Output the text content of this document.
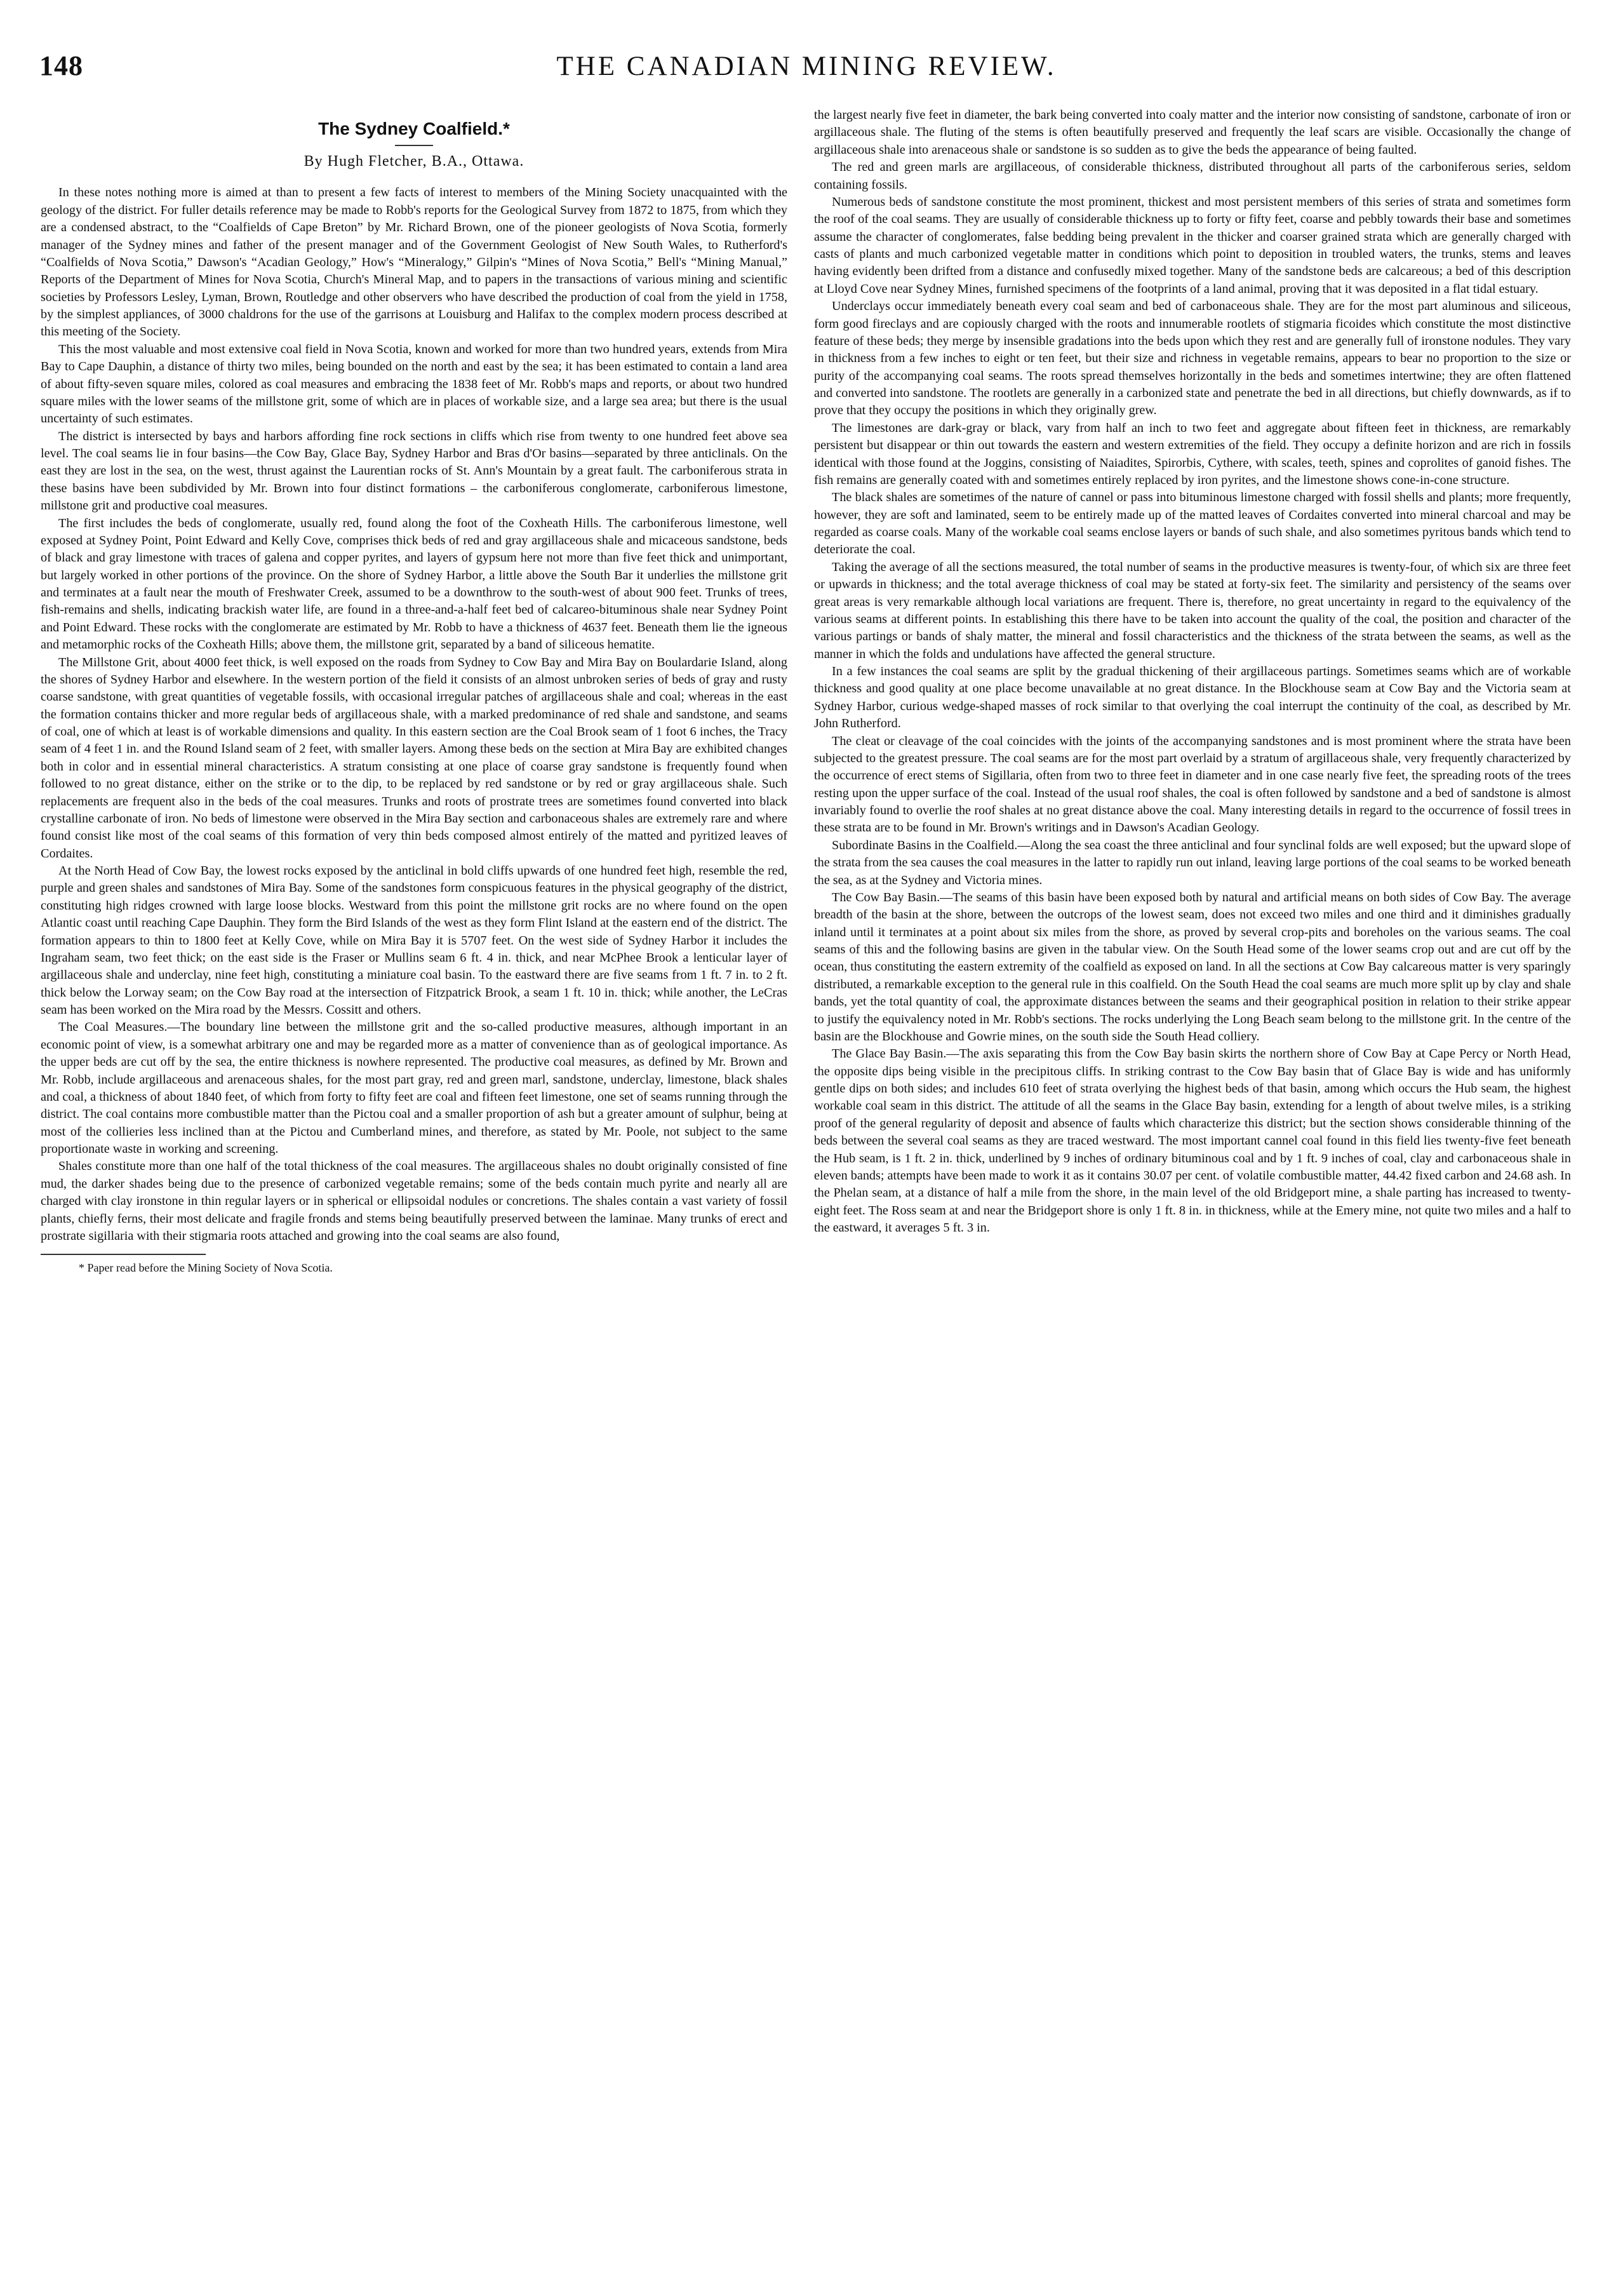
148	THE CANADIAN MINING REVIEW.
The Sydney Coalfield.*
By Hugh Fletcher, B.A., Ottawa.

In these notes nothing more is aimed at than to present a few facts of interest to members of the Mining Society unacquainted with the geology of the district. For fuller details reference may be made to Robb's reports for the Geological Survey from 1872 to 1875, from which they are a condensed abstract, to the “Coalfields of Cape Breton” by Mr. Richard Brown, one of the pioneer geologists of Nova Scotia, formerly manager of the Sydney mines and father of the present manager and of the Government Geologist of New South Wales, to Rutherford's “Coalfields of Nova Scotia,” Dawson's “Acadian Geology,” How's “Mineralogy,” Gilpin's “Mines of Nova Scotia,” Bell's “Mining Manual,” Reports of the Department of Mines for Nova Scotia, Church's Mineral Map, and to papers in the transactions of various mining and scientific societies by Professors Lesley, Lyman, Brown, Routledge and other observers who have described the production of coal from the yield in 1758, by the simplest appliances, of 3000 chaldrons for the use of the garrisons at Louisburg and Halifax to the complex modern process described at this meeting of the Society.

This the most valuable and most extensive coal field in Nova Scotia, known and worked for more than two hundred years, extends from Mira Bay to Cape Dauphin, a distance of thirty two miles, being bounded on the north and east by the sea; it has been estimated to contain a land area of about fifty-seven square miles, colored as coal measures and embracing the 1838 feet of Mr. Robb's maps and reports, or about two hundred square miles with the lower seams of the millstone grit, some of which are in places of workable size, and a large sea area; but there is the usual uncertainty of such estimates.

The district is intersected by bays and harbors affording fine rock sections in cliffs which rise from twenty to one hundred feet above sea level. The coal seams lie in four basins—the Cow Bay, Glace Bay, Sydney Harbor and Bras d'Or basins—separated by three anticlinals. On the east they are lost in the sea, on the west, thrust against the Laurentian rocks of St. Ann's Mountain by a great fault. The carboniferous strata in these basins have been subdivided by Mr. Brown into four distinct formations – the carboniferous conglomerate, carboniferous limestone, millstone grit and productive coal measures.

The first includes the beds of conglomerate, usually red, found along the foot of the Coxheath Hills. The carboniferous limestone, well exposed at Sydney Point, Point Edward and Kelly Cove, comprises thick beds of red and gray argillaceous shale and micaceous sandstone, beds of black and gray limestone with traces of galena and copper pyrites, and layers of gypsum here not more than five feet thick and unimportant, but largely worked in other portions of the province. On the shore of Sydney Harbor, a little above the South Bar it underlies the millstone grit and terminates at a fault near the mouth of Freshwater Creek, assumed to be a downthrow to the south-west of about 900 feet. Trunks of trees, fish-remains and shells, indicating brackish water life, are found in a three-and-a-half feet bed of calcareo-bituminous shale near Sydney Point and Point Edward. These rocks with the conglomerate are estimated by Mr. Robb to have a thickness of 4637 feet. Beneath them lie the igneous and metamorphic rocks of the Coxheath Hills; above them, the millstone grit, separated by a band of siliceous hematite.

The Millstone Grit, about 4000 feet thick, is well exposed on the roads from Sydney to Cow Bay and Mira Bay on Boulardarie Island, along the shores of Sydney Harbor and elsewhere. In the western portion of the field it consists of an almost unbroken series of beds of gray and rusty coarse sandstone, with great quantities of vegetable fossils, with occasional irregular patches of argillaceous shale and coal; whereas in the east the formation contains thicker and more regular beds of argillaceous shale, with a marked predominance of red shale and sandstone, and seams of coal, one of which at least is of workable dimensions and quality. In this eastern section are the Coal Brook seam of 1 foot 6 inches, the Tracy seam of 4 feet 1 in. and the Round Island seam of 2 feet, with smaller layers. Among these beds on the section at Mira Bay are exhibited changes both in color and in essential mineral characteristics. A stratum consisting at one place of coarse gray sandstone is frequently found when followed to no great distance, either on the strike or to the dip, to be replaced by red sandstone or by red or gray argillaceous shale. Such replacements are frequent also in the beds of the coal measures. Trunks and roots of prostrate trees are sometimes found converted into black crystalline carbonate of iron. No beds of limestone were observed in the Mira Bay section and carbonaceous shales are extremely rare and where found consist like most of the coal seams of this formation of very thin beds composed almost entirely of the matted and pyritized leaves of Cordaites.

At the North Head of Cow Bay, the lowest rocks exposed by the anticlinal in bold cliffs upwards of one hundred feet high, resemble the red, purple and green shales and sandstones of Mira Bay. Some of the sandstones form conspicuous features in the physical geography of the district, constituting high ridges crowned with large loose blocks. Westward from this point the millstone grit rocks are no where found on the open Atlantic coast until reaching Cape Dauphin. They form the Bird Islands of the west as they form Flint Island at the eastern end of the district. The formation appears to thin to 1800 feet at Kelly Cove, while on Mira Bay it is 5707 feet. On the west side of Sydney Harbor it includes the Ingraham seam, two feet thick; on the east side is the Fraser or Mullins seam 6 ft. 4 in. thick, and near McPhee Brook a lenticular layer of argillaceous shale and underclay, nine feet high, constituting a miniature coal basin. To the eastward there are five seams from 1 ft. 7 in. to 2 ft. thick below the Lorway seam; on the Cow Bay road at the intersection of Fitzpatrick Brook, a seam 1 ft. 10 in. thick; while another, the LeCras seam has been worked on the Mira road by the Messrs. Cossitt and others.

The Coal Measures.—The boundary line between the millstone grit and the so-called productive measures, although important in an economic point of view, is a somewhat arbitrary one and may be regarded more as a matter of convenience than as of geological importance. As the upper beds are cut off by the sea, the entire thickness is nowhere represented. The productive coal measures, as defined by Mr. Brown and Mr. Robb, include argillaceous and arenaceous shales, for the most part gray, red and green marl, sandstone, underclay, limestone, black shales and coal, a thickness of about 1840 feet, of which from forty to fifty feet are coal and fifteen feet limestone, one set of seams running through the district. The coal contains more combustible matter than the Pictou coal and a smaller proportion of ash but a greater amount of sulphur, being at most of the collieries less inclined than at the Pictou and Cumberland mines, and therefore, as stated by Mr. Poole, not subject to the same proportionate waste in working and screening.

Shales constitute more than one half of the total thickness of the coal measures. The argillaceous shales no doubt originally consisted of fine mud, the darker shades being due to the presence of carbonized vegetable remains; some of the beds contain much pyrite and nearly all are charged with clay ironstone in thin regular layers or in spherical or ellipsoidal nodules or concretions. The shales contain a vast variety of fossil plants, chiefly ferns, their most delicate and fragile fronds and stems being beautifully preserved between the laminae. Many trunks of erect and prostrate sigillaria with their stigmaria roots attached and growing into the coal seams are also found,

* Paper read before the Mining Society of Nova Scotia.

the largest nearly five feet in diameter, the bark being converted into coaly matter and the interior now consisting of sandstone, carbonate of iron or argillaceous shale. The fluting of the stems is often beautifully preserved and frequently the leaf scars are visible. Occasionally the change of argillaceous shale into arenaceous shale or sandstone is so sudden as to give the beds the appearance of being faulted.

The red and green marls are argillaceous, of considerable thickness, distributed throughout all parts of the carboniferous series, seldom containing fossils.

Numerous beds of sandstone constitute the most prominent, thickest and most persistent members of this series of strata and sometimes form the roof of the coal seams. They are usually of considerable thickness up to forty or fifty feet, coarse and pebbly towards their base and sometimes assume the character of conglomerates, false bedding being prevalent in the thicker and coarser grained strata which are generally charged with casts of plants and much carbonized vegetable matter in conditions which point to deposition in troubled waters, the trunks, stems and leaves having evidently been drifted from a distance and confusedly mixed together. Many of the sandstone beds are calcareous; a bed of this description at Lloyd Cove near Sydney Mines, furnished specimens of the footprints of a land animal, proving that it was deposited in a flat tidal estuary.

Underclays occur immediately beneath every coal seam and bed of carbonaceous shale. They are for the most part aluminous and siliceous, form good fireclays and are copiously charged with the roots and innumerable rootlets of stigmaria ficoides which constitute the most distinctive feature of these beds; they merge by insensible gradations into the beds upon which they rest and are generally full of ironstone nodules. They vary in thickness from a few inches to eight or ten feet, but their size and richness in vegetable remains, appears to bear no proportion to the size or purity of the accompanying coal seams. The roots spread themselves horizontally in the beds and sometimes intertwine; they are often flattened and converted into sandstone. The rootlets are generally in a carbonized state and penetrate the bed in all directions, but chiefly downwards, as if to prove that they occupy the positions in which they originally grew.

The limestones are dark-gray or black, vary from half an inch to two feet and aggregate about fifteen feet in thickness, are remarkably persistent but disappear or thin out towards the eastern and western extremities of the field. They occupy a definite horizon and are rich in fossils identical with those found at the Joggins, consisting of Naiadites, Spirorbis, Cythere, with scales, teeth, spines and coprolites of ganoid fishes. The fish remains are generally coated with and sometimes entirely replaced by iron pyrites, and the limestone shows cone-in-cone structure.

The black shales are sometimes of the nature of cannel or pass into bituminous limestone charged with fossil shells and plants; more frequently, however, they are soft and laminated, seem to be entirely made up of the matted leaves of Cordaites converted into mineral charcoal and may be regarded as coarse coals. Many of the workable coal seams enclose layers or bands of such shale, and also sometimes pyritous bands which tend to deteriorate the coal.

Taking the average of all the sections measured, the total number of seams in the productive measures is twenty-four, of which six are three feet or upwards in thickness; and the total average thickness of coal may be stated at forty-six feet. The similarity and persistency of the seams over great areas is very remarkable although local variations are frequent. There is, therefore, no great uncertainty in regard to the equivalency of the various seams at different points. In establishing this there have to be taken into account the quality of the coal, the position and character of the various partings or bands of shaly matter, the mineral and fossil characteristics and the thickness of the strata between the seams, as well as the manner in which the folds and undulations have affected the general structure.

In a few instances the coal seams are split by the gradual thickening of their argillaceous partings. Sometimes seams which are of workable thickness and good quality at one place become unavailable at no great distance. In the Blockhouse seam at Cow Bay and the Victoria seam at Sydney Harbor, curious wedge-shaped masses of rock similar to that overlying the coal interrupt the continuity of the coal, as described by Mr. John Rutherford.

The cleat or cleavage of the coal coincides with the joints of the accompanying sandstones and is most prominent where the strata have been subjected to the greatest pressure. The coal seams are for the most part overlaid by a stratum of argillaceous shale, very frequently characterized by the occurrence of erect stems of Sigillaria, often from two to three feet in diameter and in one case nearly five feet, the spreading roots of the trees resting upon the upper surface of the coal. Instead of the usual roof shales, the coal is often followed by sandstone and a bed of sandstone is almost invariably found to overlie the roof shales at no great distance above the coal. Many interesting details in regard to the occurrence of fossil trees in these strata are to be found in Mr. Brown's writings and in Dawson's Acadian Geology.

Subordinate Basins in the Coalfield.—Along the sea coast the three anticlinal and four synclinal folds are well exposed; but the upward slope of the strata from the sea causes the coal measures in the latter to rapidly run out inland, leaving large portions of the coal seams to be worked beneath the sea, as at the Sydney and Victoria mines.

The Cow Bay Basin.—The seams of this basin have been exposed both by natural and artificial means on both sides of Cow Bay. The average breadth of the basin at the shore, between the outcrops of the lowest seam, does not exceed two miles and one third and it diminishes gradually inland until it terminates at a point about six miles from the shore, as proved by several crop-pits and boreholes on the various seams. The coal seams of this and the following basins are given in the tabular view. On the South Head some of the lower seams crop out and are cut off by the ocean, thus constituting the eastern extremity of the coalfield as exposed on land. In all the sections at Cow Bay calcareous matter is very sparingly distributed, a remarkable exception to the general rule in this coalfield. On the South Head the coal seams are much more split up by clay and shale bands, yet the total quantity of coal, the approximate distances between the seams and their geographical position in relation to their strike appear to justify the equivalency noted in Mr. Robb's sections. The rocks underlying the Long Beach seam belong to the millstone grit. In the centre of the basin are the Blockhouse and Gowrie mines, on the south side the South Head colliery.

The Glace Bay Basin.—The axis separating this from the Cow Bay basin skirts the northern shore of Cow Bay at Cape Percy or North Head, the opposite dips being visible in the precipitous cliffs. In striking contrast to the Cow Bay basin that of Glace Bay is wide and has uniformly gentle dips on both sides; and includes 610 feet of strata overlying the highest beds of that basin, among which occurs the Hub seam, the highest workable coal seam in this district. The attitude of all the seams in the Glace Bay basin, extending for a length of about twelve miles, is a striking proof of the general regularity of deposit and absence of faults which characterize this district; but the section shows considerable thinning of the beds between the several coal seams as they are traced westward. The most important cannel coal found in this field lies twenty-five feet beneath the Hub seam, is 1 ft. 2 in. thick, underlined by 9 inches of ordinary bituminous coal and by 1 ft. 9 inches of coal, clay and carbonaceous shale in eleven bands; attempts have been made to work it as it contains 30.07 per cent. of volatile combustible matter, 44.42 fixed carbon and 24.68 ash. In the Phelan seam, at a distance of half a mile from the shore, in the main level of the old Bridgeport mine, a shale parting has increased to twenty-eight feet. The Ross seam at and near the Bridgeport shore is only 1 ft. 8 in. in thickness, while at the Emery mine, not quite two miles and a half to the eastward, it averages 5 ft. 3 in.
